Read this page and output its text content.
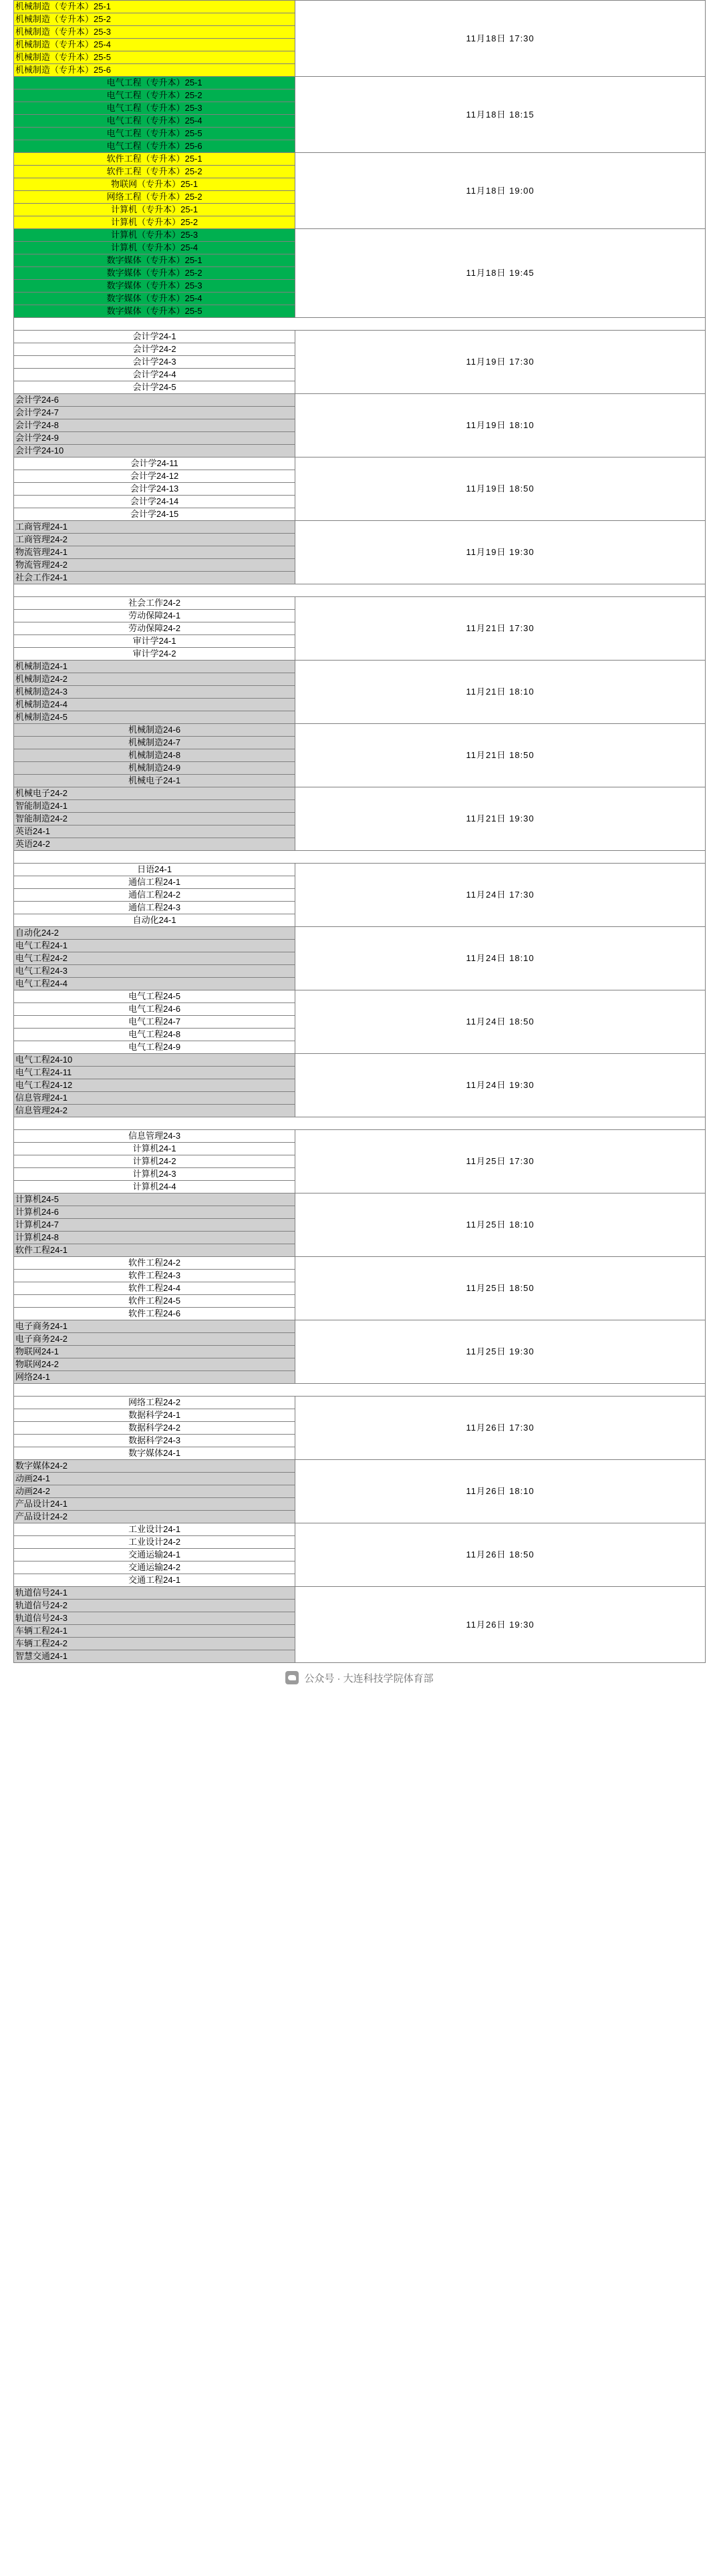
机械制造（专升本）25-1	11月18日 17:30
机械制造（专升本）25-2	
机械制造（专升本）25-3	
机械制造（专升本）25-4	
机械制造（专升本）25-5	
机械制造（专升本）25-6	
电气工程（专升本）25-1	11月18日 18:15
电气工程（专升本）25-2	
电气工程（专升本）25-3	
电气工程（专升本）25-4	
电气工程（专升本）25-5	
电气工程（专升本）25-6	
软件工程（专升本）25-1	11月18日 19:00
软件工程（专升本）25-2	
物联网（专升本）25-1	
网络工程（专升本）25-2	
计算机（专升本）25-1	
计算机（专升本）25-2	
计算机（专升本）25-3	11月18日 19:45
计算机（专升本）25-4	
数字媒体（专升本）25-1	
数字媒体（专升本）25-2	
数字媒体（专升本）25-3	
数字媒体（专升本）25-4	
数字媒体（专升本）25-5	

会计学24-1	11月19日 17:30
会计学24-2	
会计学24-3	
会计学24-4	
会计学24-5	
会计学24-6	11月19日 18:10
会计学24-7	
会计学24-8	
会计学24-9	
会计学24-10	
会计学24-11	11月19日 18:50
会计学24-12	
会计学24-13	
会计学24-14	
会计学24-15	
工商管理24-1	11月19日 19:30
工商管理24-2	
物流管理24-1	
物流管理24-2	
社会工作24-1	

社会工作24-2	11月21日 17:30
劳动保障24-1	
劳动保障24-2	
审计学24-1	
审计学24-2	
机械制造24-1	11月21日 18:10
机械制造24-2	
机械制造24-3	
机械制造24-4	
机械制造24-5	
机械制造24-6	11月21日 18:50
机械制造24-7	
机械制造24-8	
机械制造24-9	
机械电子24-1	
机械电子24-2	11月21日 19:30
智能制造24-1	
智能制造24-2	
英语24-1	
英语24-2	

日语24-1	11月24日 17:30
通信工程24-1	
通信工程24-2	
通信工程24-3	
自动化24-1	
自动化24-2	11月24日 18:10
电气工程24-1	
电气工程24-2	
电气工程24-3	
电气工程24-4	
电气工程24-5	11月24日 18:50
电气工程24-6	
电气工程24-7	
电气工程24-8	
电气工程24-9	
电气工程24-10	11月24日 19:30
电气工程24-11	
电气工程24-12	
信息管理24-1	
信息管理24-2	

信息管理24-3	11月25日 17:30
计算机24-1	
计算机24-2	
计算机24-3	
计算机24-4	
计算机24-5	11月25日 18:10
计算机24-6	
计算机24-7	
计算机24-8	
软件工程24-1	
软件工程24-2	11月25日 18:50
软件工程24-3	
软件工程24-4	
软件工程24-5	
软件工程24-6	
电子商务24-1	11月25日 19:30
电子商务24-2	
物联网24-1	
物联网24-2	
网络24-1	

网络工程24-2	11月26日 17:30
数据科学24-1	
数据科学24-2	
数据科学24-3	
数字媒体24-1	
数字媒体24-2	11月26日 18:10
动画24-1	
动画24-2	
产品设计24-1	
产品设计24-2	
工业设计24-1	11月26日 18:50
工业设计24-2	
交通运输24-1	
交通运输24-2	
交通工程24-1	
轨道信号24-1	11月26日 19:30
轨道信号24-2	
轨道信号24-3	
车辆工程24-1	
车辆工程24-2	
智慧交通24-1	
公众号 · 大连科技学院体育部
